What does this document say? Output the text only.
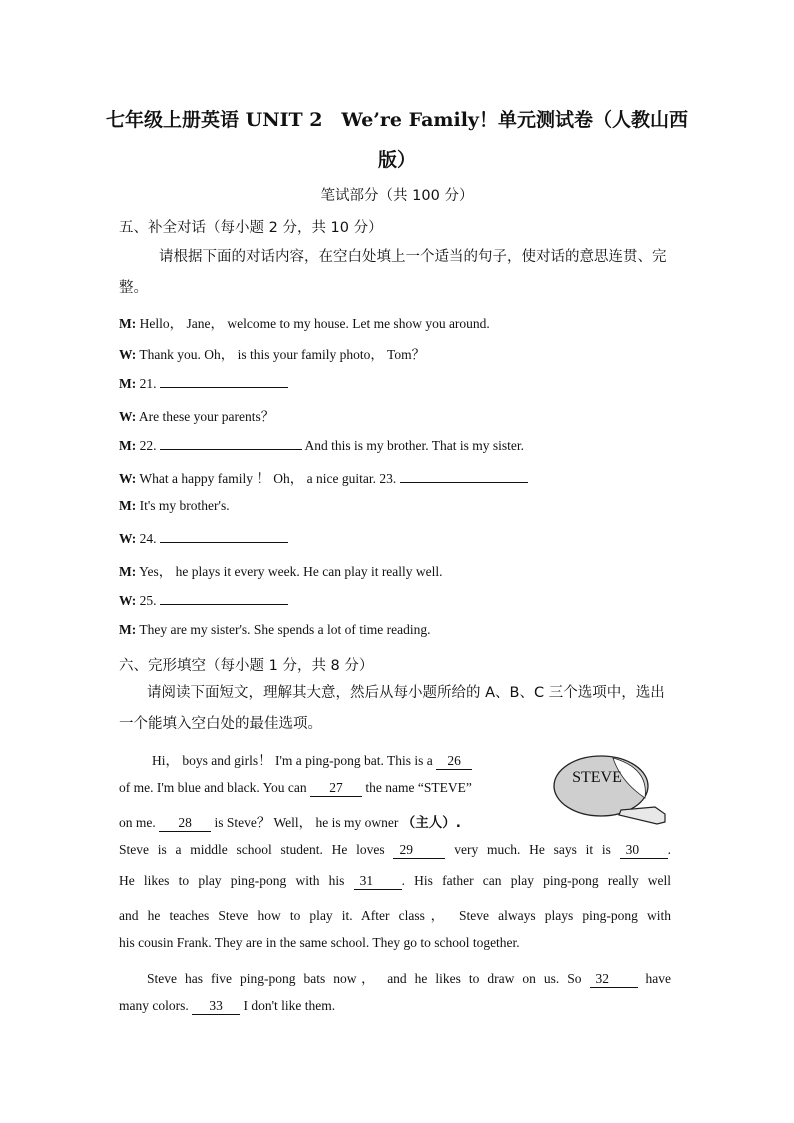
七年级上册英语 UNIT 2　We’re Family！单元测试卷（人教山西版）
笔试部分（共 100 分）
五、补全对话（每小题 2 分，共 10 分）
请根据下面的对话内容，在空白处填上一个适当的句子，使对话的意思连贯、完整。
M: Hello， Jane， welcome to my house. Let me show you around.
W: Thank you. Oh， is this your family photo， Tom？
M: 21.
W: Are these your parents？
M: 22.	And this is my brother. That is my sister.
W: What a happy family ！ Oh， a nice guitar. 23.
M: It's my brother's.
W: 24.
M: Yes， he plays it every week. He can play it really well.
W: 25.
M: They are my sister's. She spends a lot of time reading.
六、完形填空（每小题 1 分，共 8 分）
请阅读下面短文，理解其大意，然后从每小题所给的 A、B、C 三个选项中，选出一个能填入空白处的最佳选项。
Hi， boys and girls！ I'm a ping-pong bat. This is a 26
of me. I'm blue and black. You can 27 the name “STEVE”
on me. 28 is Steve？ Well， he is my owner （主人）.
STEVE
Steve is a middle school student. He loves 29	very much. He says it is 30 .
He likes to play ping-pong with his 31 . His father can play ping-pong really well
and he teaches Steve how to play it. After class， Steve always plays ping-pong with
his cousin Frank. They are in the same school. They go to school together.
Steve has five ping-pong bats now， and he likes to draw on us. So 32	have
many colors. 33 I don't like them.
